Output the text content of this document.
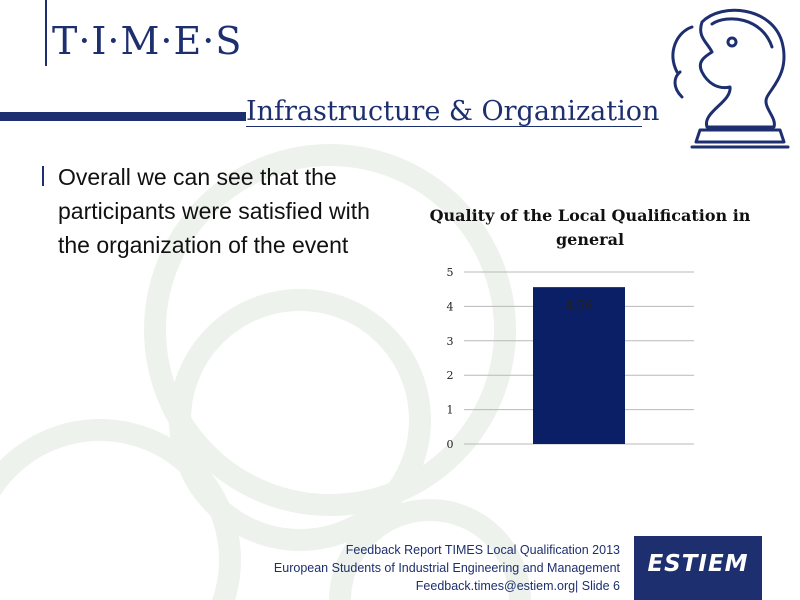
T·I·M·E·S
Infrastructure & Organization
Overall we can see that the participants were satisfied with the organization of the event
Quality of the Local Qualification in general
0
1
2
3
4
5
4,56
Feedback Report TIMES Local Qualification 2013
European Students of Industrial Engineering and Management
Feedback.times@estiem.org| Slide 6
ESTIEM
